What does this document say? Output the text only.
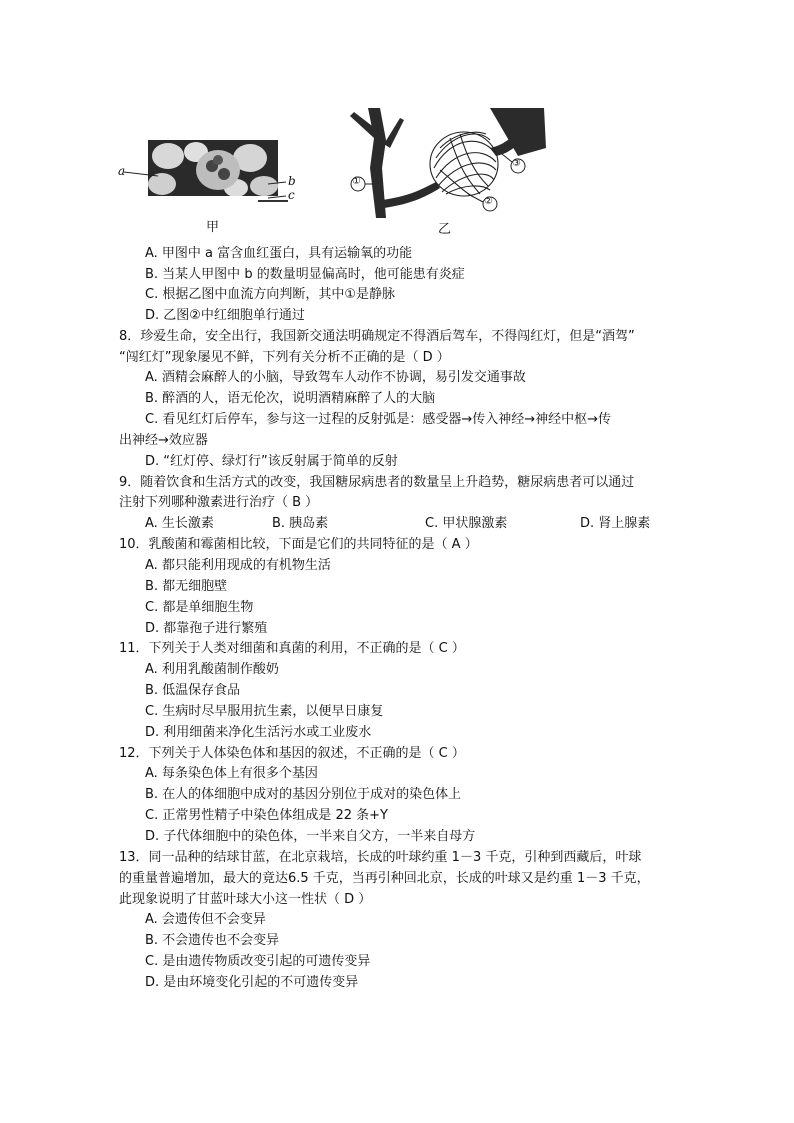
a
b
c
甲
①
②
③
乙
A. 甲图中 a 富含血红蛋白，具有运输氧的功能
B. 当某人甲图中 b 的数量明显偏高时，他可能患有炎症
C. 根据乙图中血流方向判断，其中①是静脉
D. 乙图②中红细胞单行通过
8．珍爱生命，安全出行，我国新交通法明确规定不得酒后驾车，不得闯红灯，但是“酒驾”
“闯红灯”现象屡见不鲜，下列有关分析不正确的是（ D ）
A. 酒精会麻醉人的小脑，导致驾车人动作不协调，易引发交通事故
B. 醉酒的人，语无伦次，说明酒精麻醉了人的大脑
C. 看见红灯后停车，参与这一过程的反射弧是：感受器→传入神经→神经中枢→传
出神经→效应器
D. “红灯停、绿灯行”该反射属于简单的反射
9．随着饮食和生活方式的改变，我国糖尿病患者的数量呈上升趋势，糖尿病患者可以通过
注射下列哪种激素进行治疗（ B ）
A. 生长激素	B. 胰岛素	C. 甲状腺激素	D. 肾上腺素
10．乳酸菌和霉菌相比较，下面是它们的共同特征的是（ A ）
A. 都只能利用现成的有机物生活
B. 都无细胞壁
C. 都是单细胞生物
D. 都靠孢子进行繁殖
11．下列关于人类对细菌和真菌的利用，不正确的是（ C ）
A. 利用乳酸菌制作酸奶
B. 低温保存食品
C. 生病时尽早服用抗生素，以便早日康复
D. 利用细菌来净化生活污水或工业废水
12．下列关于人体染色体和基因的叙述，不正确的是（ C ）
A. 每条染色体上有很多个基因
B. 在人的体细胞中成对的基因分别位于成对的染色体上
C. 正常男性精子中染色体组成是 22 条+Y
D. 子代体细胞中的染色体，一半来自父方，一半来自母方
13．同一品种的结球甘蓝，在北京栽培，长成的叶球约重 1－3 千克，引种到西藏后，叶球
的重量普遍增加，最大的竟达6.5 千克，当再引种回北京，长成的叶球又是约重 1－3 千克，
此现象说明了甘蓝叶球大小这一性状（ D ）
A. 会遗传但不会变异
B. 不会遗传也不会变异
C. 是由遗传物质改变引起的可遗传变异
D. 是由环境变化引起的不可遗传变异
